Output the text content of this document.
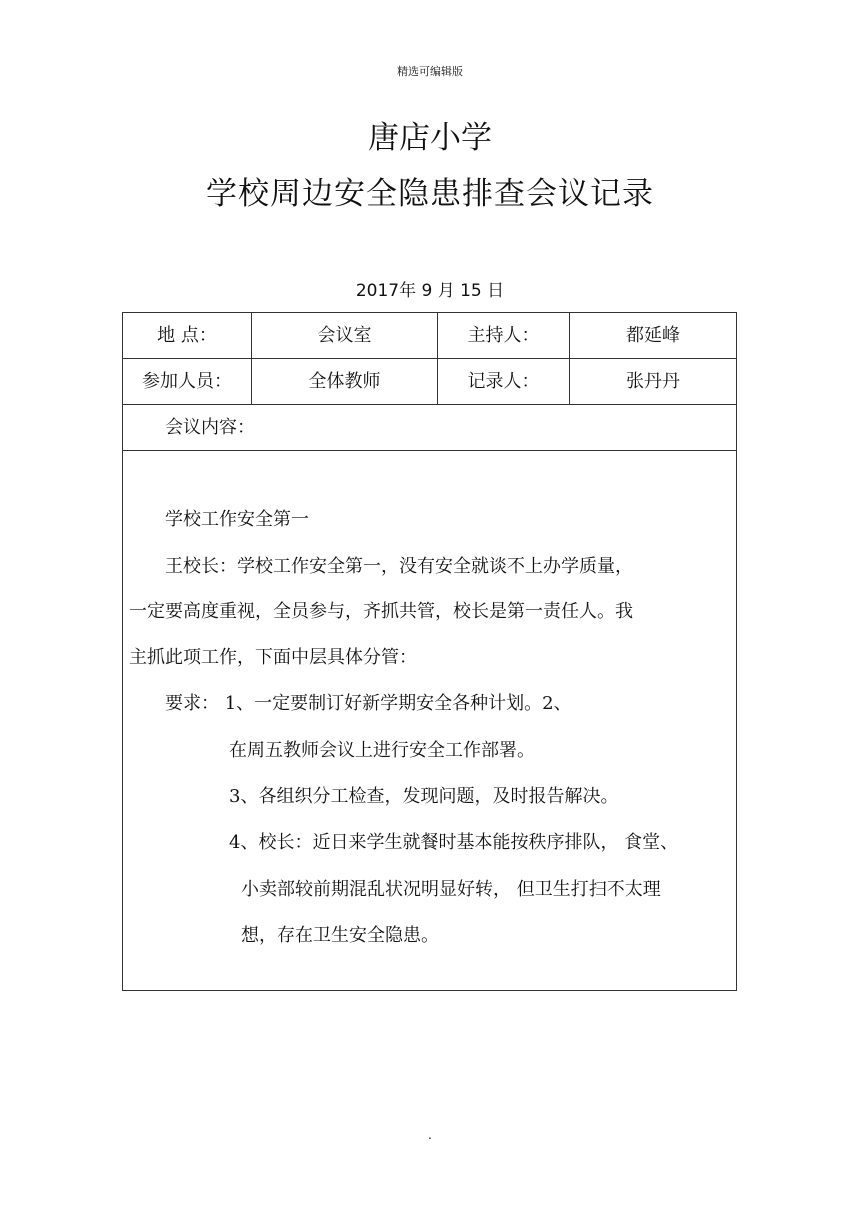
精选可编辑版
唐店小学
学校周边安全隐患排查会议记录
2017年 9 月 15 日
地 点：	会议室	主持人：	都延峰
参加人员：	全体教师	记录人：	张丹丹
会议内容：
学校工作安全第一
王校长：学校工作安全第一，没有安全就谈不上办学质量，
一定要高度重视，全员参与，齐抓共管，校长是第一责任人。我
主抓此项工作，下面中层具体分管：
要求： 1、一定要制订好新学期安全各种计划。2、
在周五教师会议上进行安全工作部署。
3、各组织分工检查，发现问题，及时报告解决。
4、校长：近日来学生就餐时基本能按秩序排队， 食堂、
小卖部较前期混乱状况明显好转， 但卫生打扫不太理
想，存在卫生安全隐患。
.
